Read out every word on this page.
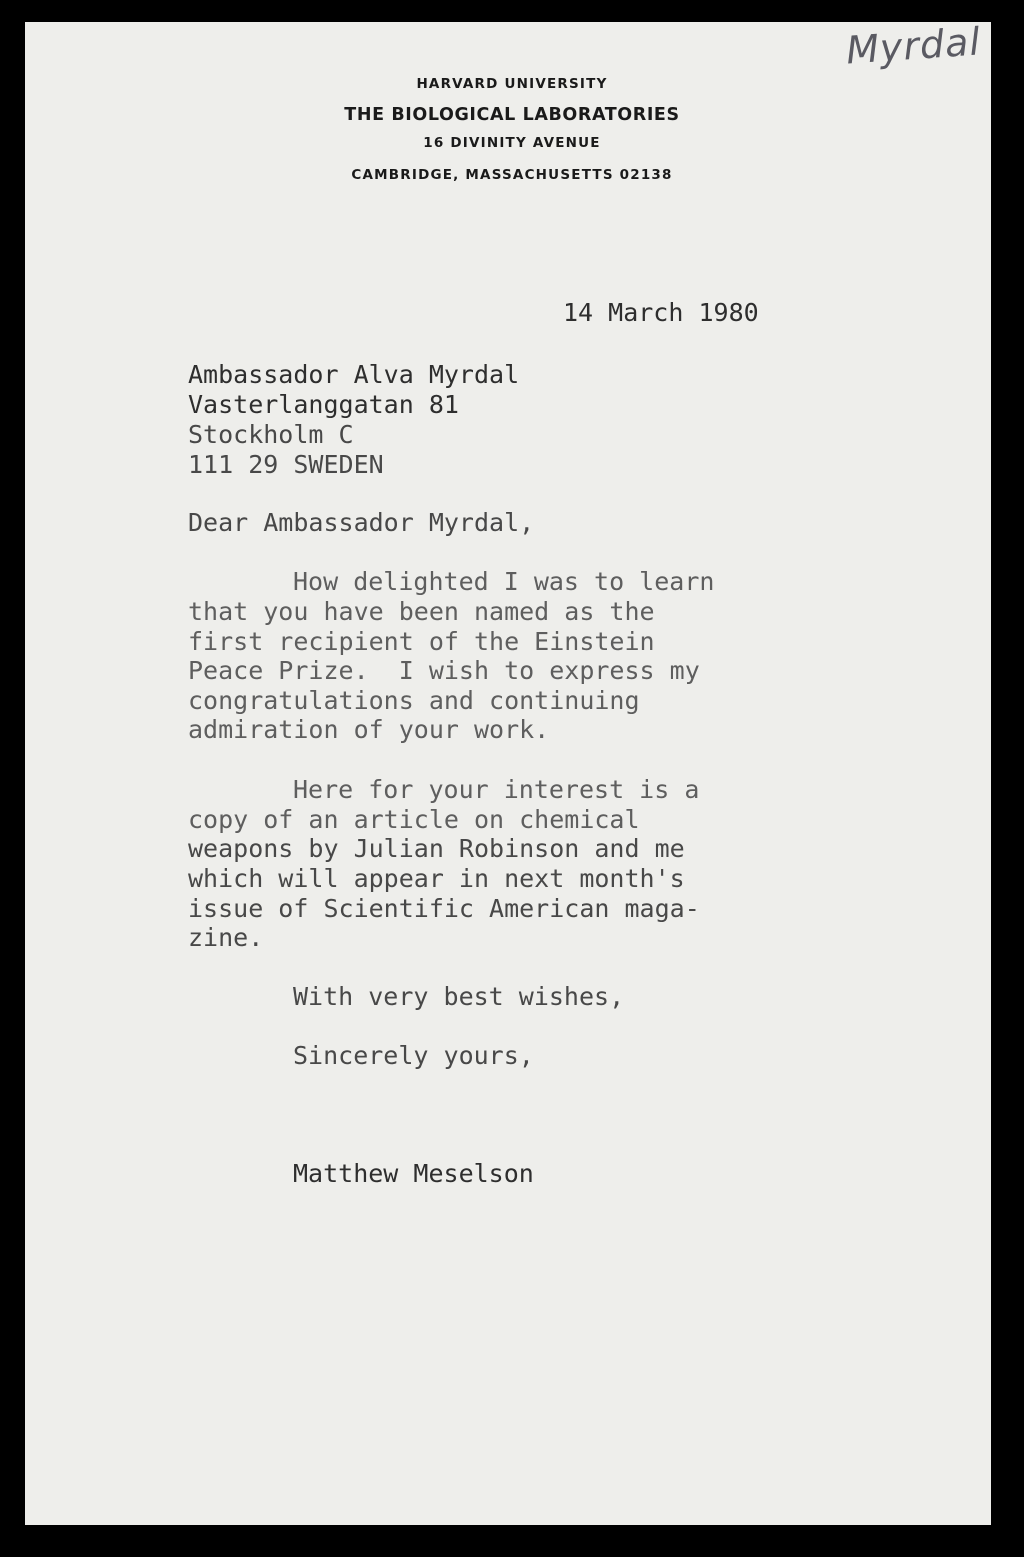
Myrdal
HARVARD UNIVERSITY
THE BIOLOGICAL LABORATORIES
16 DIVINITY AVENUE
CAMBRIDGE, MASSACHUSETTS 02138
14 March 1980
Ambassador Alva Myrdal
Vasterlanggatan 81
Stockholm C
111 29 SWEDEN
Dear Ambassador Myrdal,
How delighted I was to learn
that you have been named as the
first recipient of the Einstein
Peace Prize.  I wish to express my
congratulations and continuing
admiration of your work.
Here for your interest is a
copy of an article on chemical
weapons by Julian Robinson and me
which will appear in next month's
issue of Scientific American maga-
zine.
With very best wishes,
Sincerely yours,
Matthew Meselson
